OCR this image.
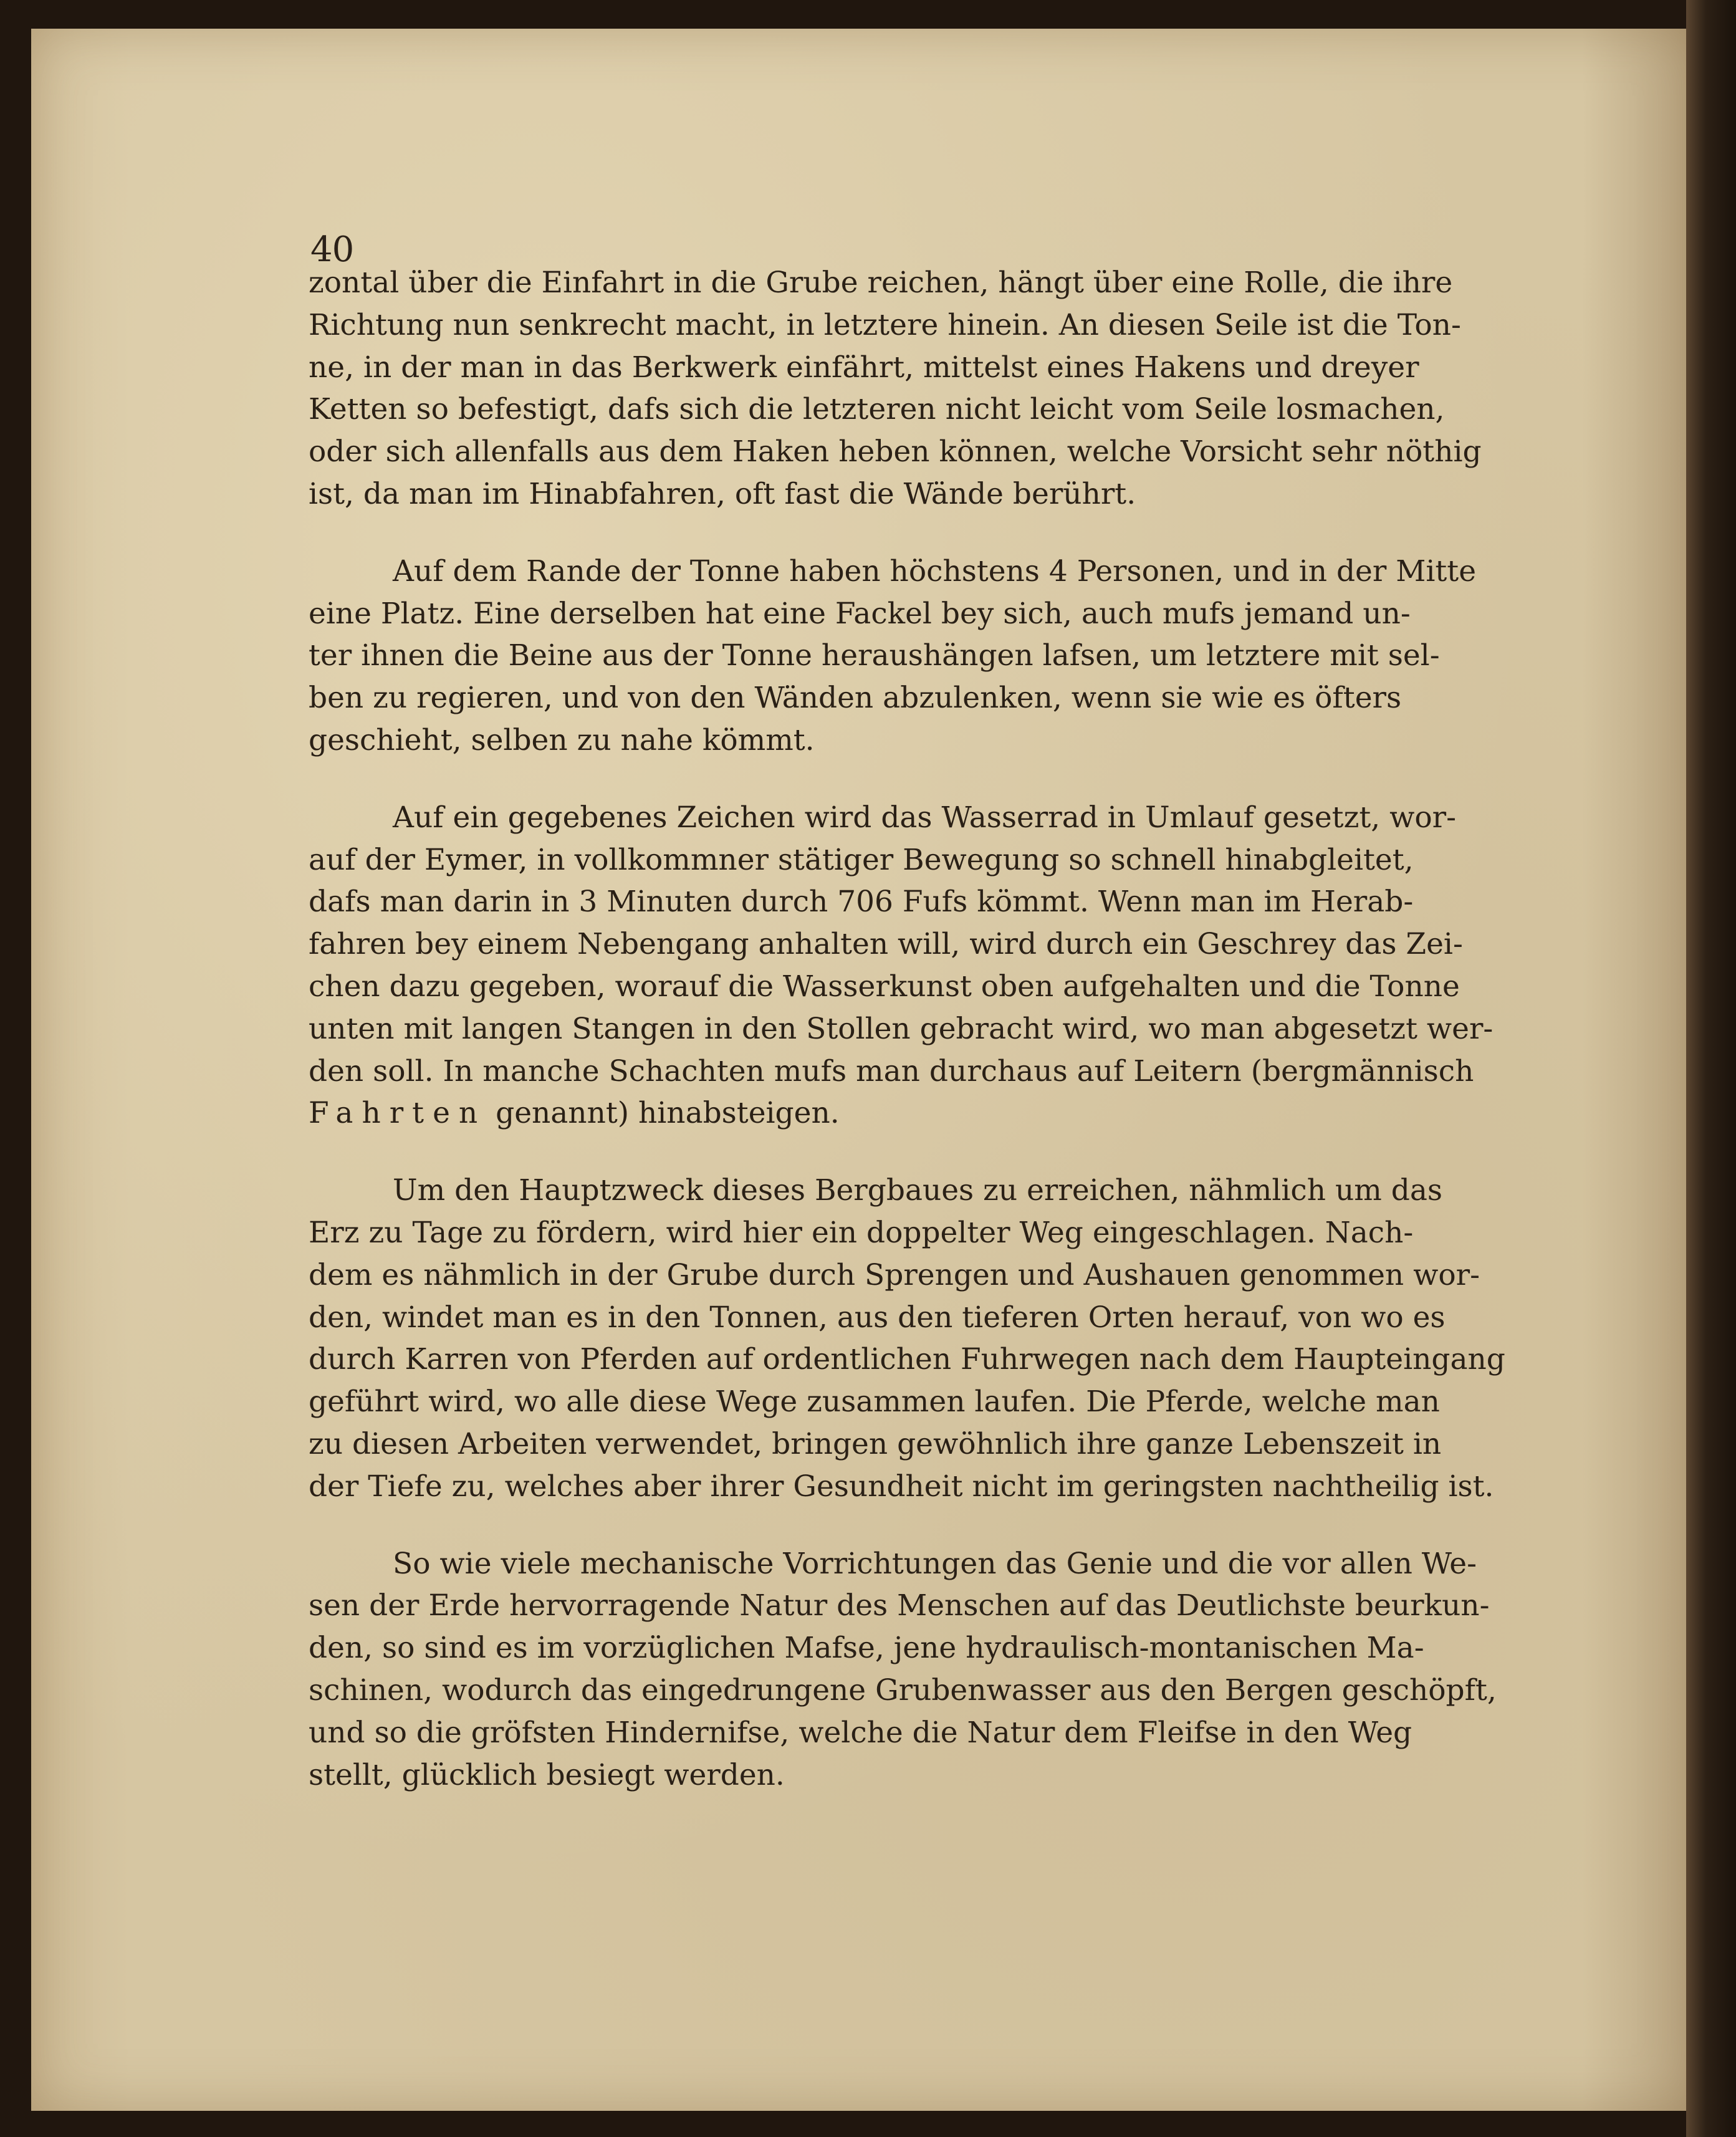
40

zontal über die Einfahrt in die Grube reichen, hängt über eine Rolle, die ihre
Richtung nun senkrecht macht, in letztere hinein. An diesen Seile ist die Ton-
ne, in der man in das Berkwerk einfährt, mittelst eines Hakens und dreyer
Ketten so befestigt, dafs sich die letzteren nicht leicht vom Seile losmachen,
oder sich allenfalls aus dem Haken heben können, welche Vorsicht sehr nöthig
ist, da man im Hinabfahren, oft fast die Wände berührt.

Auf dem Rande der Tonne haben höchstens 4 Personen, und in der Mitte
eine Platz. Eine derselben hat eine Fackel bey sich, auch mufs jemand un-
ter ihnen die Beine aus der Tonne heraushängen lafsen, um letztere mit sel-
ben zu regieren, und von den Wänden abzulenken, wenn sie wie es öfters
geschieht, selben zu nahe kömmt.

Auf ein gegebenes Zeichen wird das Wasserrad in Umlauf gesetzt, wor-
auf der Eymer, in vollkommner stätiger Bewegung so schnell hinabgleitet,
dafs man darin in 3 Minuten durch 706 Fufs kömmt. Wenn man im Herab-
fahren bey einem Nebengang anhalten will, wird durch ein Geschrey das Zei-
chen dazu gegeben, worauf die Wasserkunst oben aufgehalten und die Tonne
unten mit langen Stangen in den Stollen gebracht wird, wo man abgesetzt wer-
den soll. In manche Schachten mufs man durchaus auf Leitern (bergmännisch
Fahrten genannt) hinabsteigen.

Um den Hauptzweck dieses Bergbaues zu erreichen, nähmlich um das
Erz zu Tage zu fördern, wird hier ein doppelter Weg eingeschlagen. Nach-
dem es nähmlich in der Grube durch Sprengen und Aushauen genommen wor-
den, windet man es in den Tonnen, aus den tieferen Orten herauf, von wo es
durch Karren von Pferden auf ordentlichen Fuhrwegen nach dem Haupteingang
geführt wird, wo alle diese Wege zusammen laufen. Die Pferde, welche man
zu diesen Arbeiten verwendet, bringen gewöhnlich ihre ganze Lebenszeit in
der Tiefe zu, welches aber ihrer Gesundheit nicht im geringsten nachtheilig ist.

So wie viele mechanische Vorrichtungen das Genie und die vor allen We-
sen der Erde hervorragende Natur des Menschen auf das Deutlichste beurkun-
den, so sind es im vorzüglichen Mafse, jene hydraulisch-montanischen Ma-
schinen, wodurch das eingedrungene Grubenwasser aus den Bergen geschöpft,
und so die gröfsten Hindernifse, welche die Natur dem Fleifse in den Weg
stellt, glücklich besiegt werden.
